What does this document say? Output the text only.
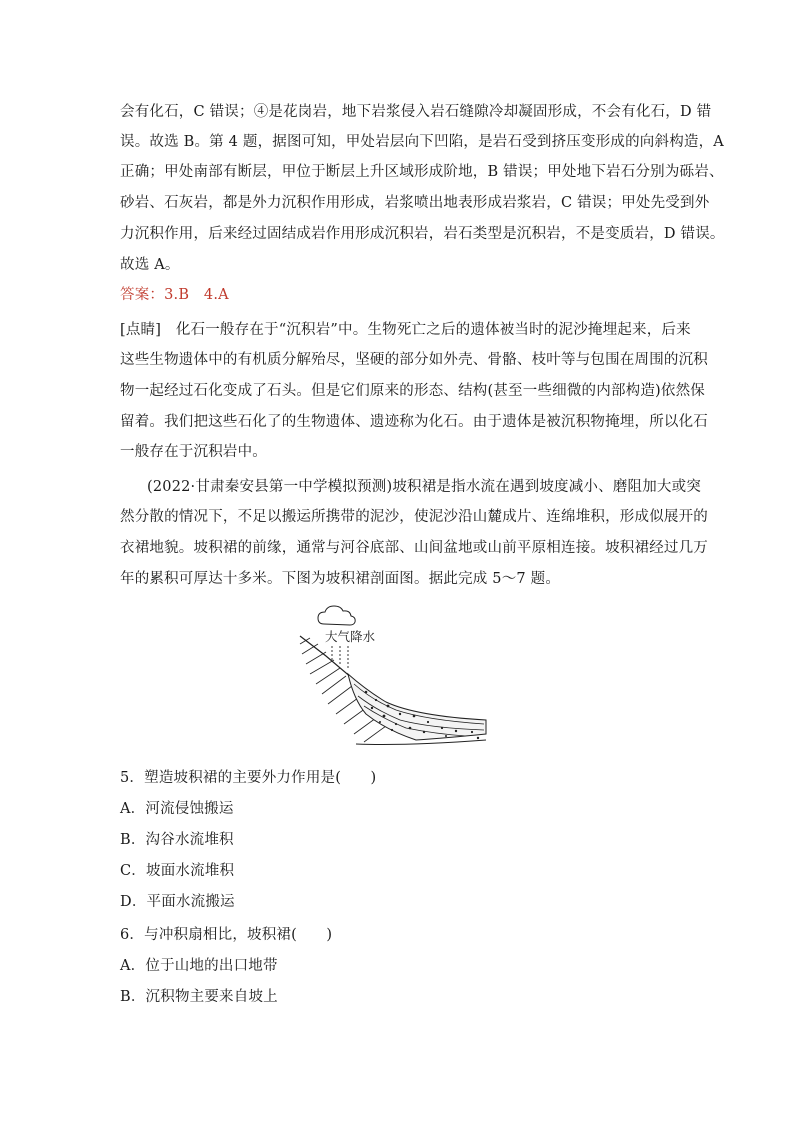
会有化石，C 错误；④是花岗岩，地下岩浆侵入岩石缝隙冷却凝固形成，不会有化石，D 错
误。故选 B。第 4 题，据图可知，甲处岩层向下凹陷，是岩石受到挤压变形成的向斜构造，A
正确；甲处南部有断层，甲位于断层上升区域形成阶地，B 错误；甲处地下岩石分别为砾岩、
砂岩、石灰岩，都是外力沉积作用形成，岩浆喷出地表形成岩浆岩，C 错误；甲处先受到外
力沉积作用，后来经过固结成岩作用形成沉积岩，岩石类型是沉积岩，不是变质岩，D 错误。
故选 A。
答案：3.B　4.A
[点睛]　化石一般存在于“沉积岩”中。生物死亡之后的遗体被当时的泥沙掩埋起来，后来
这些生物遗体中的有机质分解殆尽，坚硬的部分如外壳、骨骼、枝叶等与包围在周围的沉积
物一起经过石化变成了石头。但是它们原来的形态、结构(甚至一些细微的内部构造)依然保
留着。我们把这些石化了的生物遗体、遗迹称为化石。由于遗体是被沉积物掩埋，所以化石
一般存在于沉积岩中。
(2022·甘肃秦安县第一中学模拟预测)坡积裙是指水流在遇到坡度减小、磨阻加大或突
然分散的情况下，不足以搬运所携带的泥沙，使泥沙沿山麓成片、连绵堆积，形成似展开的
衣裙地貌。坡积裙的前缘，通常与河谷底部、山间盆地或山前平原相连接。坡积裙经过几万
年的累积可厚达十多米。下图为坡积裙剖面图。据此完成 5～7 题。
大气降水
5．塑造坡积裙的主要外力作用是(　　)
A．河流侵蚀搬运
B．沟谷水流堆积
C．坡面水流堆积
D．平面水流搬运
6．与冲积扇相比，坡积裙(　　)
A．位于山地的出口地带
B．沉积物主要来自坡上
